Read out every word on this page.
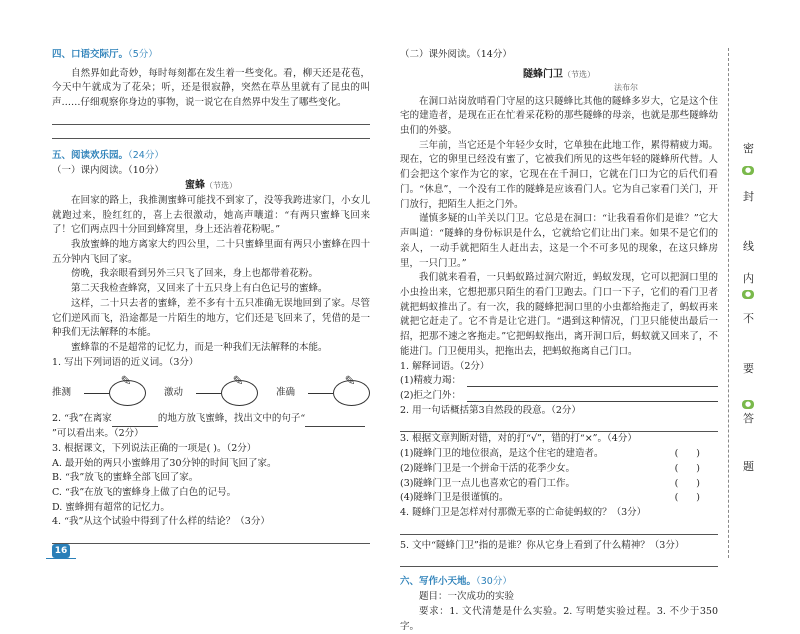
四、口语交际厅。（5分）
自然界如此奇妙，每时每刻都在发生着一些变化。看，柳天还是花苞，今天中午就成为了花朵；听，还是很寂静，突然在草丛里就有了昆虫的叫声……仔细观察你身边的事物，说一说它在自然界中发生了哪些变化。
五、阅读欢乐园。（24分）
（一）课内阅读。（10分）
蜜蜂（节选）
在回家的路上，我推测蜜蜂可能找不到家了，没等我跨进家门，小女儿就跑过来，脸红红的，喜上去很激动，她高声嚷道：“有两只蜜蜂飞回来了！它们两点四十分回到蜂窝里，身上还沾着花粉呢。”
我放蜜蜂的地方离家大约四公里，二十只蜜蜂里面有两只小蜜蜂在四十五分钟内飞回了家。
傍晚，我亲眼看到另外三只飞了回来，身上也都带着花粉。
第二天我检查蜂窝，又回来了十五只身上有白色记号的蜜蜂。
这样，二十只去者的蜜蜂，差不多有十五只准确无误地回到了家。尽管它们逆风而飞，沿途都是一片陌生的地方，它们还是飞回来了，凭借的是一种我们无法解释的本能。
蜜蜂靠的不是超常的记忆力，而是一种我们无法解释的本能。
1. 写出下列词语的近义词。（3分）
推测
✎
激动
✎
准确
✎
2. “我”在离家	的地方放飞蜜蜂，找出文中的句子“
”可以看出来。（2分）
3. 根据课文，下列说法正确的一项是( )。（2分）
A. 最开始的两只小蜜蜂用了30分钟的时间飞回了家。
B. “我”放飞的蜜蜂全部飞回了家。
C. “我”在放飞的蜜蜂身上做了白色的记号。
D. 蜜蜂拥有超常的记忆力。
4. “我”从这个试验中得到了什么样的结论？（3分）
16
（二）课外阅读。（14分）
隧蜂门卫（节选）
法布尔
在洞口站岗放哨看门守屋的这只隧蜂比其他的隧蜂多岁大，它是这个住宅的建造者，是现在正在忙着采花粉的那些隧蜂的母亲，也就是那些隧蜂幼虫们的外婆。
三年前，当它还是个年轻少女时，它单独在此地工作，累得精疲力竭。现在，它的卵里已经没有蜜了，它被我们所见的这些年轻的隧蜂所代替。人们会把这个家作为它的家，它现在在千洞口，它就在门口为它的后代们看门。“休息”，一个没有工作的隧蜂是应该看门人。它为自己家看门关门，开门放行，把陌生人拒之门外。
谨慎多疑的山羊关以门卫。它总是在洞口：“让我看看你们是谁？”它大声叫道：“隧蜂的身份标识是什么，它就给它们让出门来。如果不是它们的亲人，一动手就把陌生人赶出去，这是一个不可多见的现象，在这只蜂房里，一只门卫。”
我们就来看看，一只蚂蚁路过洞穴附近，蚂蚁发现，它可以把洞口里的小虫捡出来，它想把那只陌生的看门卫跑去。门口一下子，它们的看门卫者就把蚂蚁推出了。有一次，我的隧蜂把洞口里的小虫都给拖走了，蚂蚁再来就把它赶走了。它不肯是让它进门。“遇到这种情况，门卫只能使出最后一招，把那不速之客拖走。”它把蚂蚁拖出，离开洞口后，蚂蚁就又回来了，不能进门。门卫便用头，把拖出去，把蚂蚁拖离自己门口。
1. 解释词语。（2分）
(1)精疲力竭：
(2)拒之门外：
2. 用一句话概括第3自然段的段意。（2分）
3. 根据文章判断对错，对的打“√”，错的打“×”。（4分）
(1)隧蜂门卫的地位很高，是这个住宅的建造者。	()
(2)隧蜂门卫是一个拼命干活的花季少女。	()
(3)隧蜂门卫一点儿也喜欢它的看门工作。	()
(4)隧蜂门卫是很谨慎的。	()
4. 隧蜂门卫是怎样对付那微无辜的亡命徒蚂蚁的？（3分）
5. 文中“隧蜂门卫”指的是谁？你从它身上看到了什么精神？（3分）
六、写作小天地。（30分）
题目：一次成功的实验
要求：1. 文代清楚是什么实验。2. 写明楚实验过程。3. 不少于350字。
密
●
封
线
内
●
不
要
●
答
题
